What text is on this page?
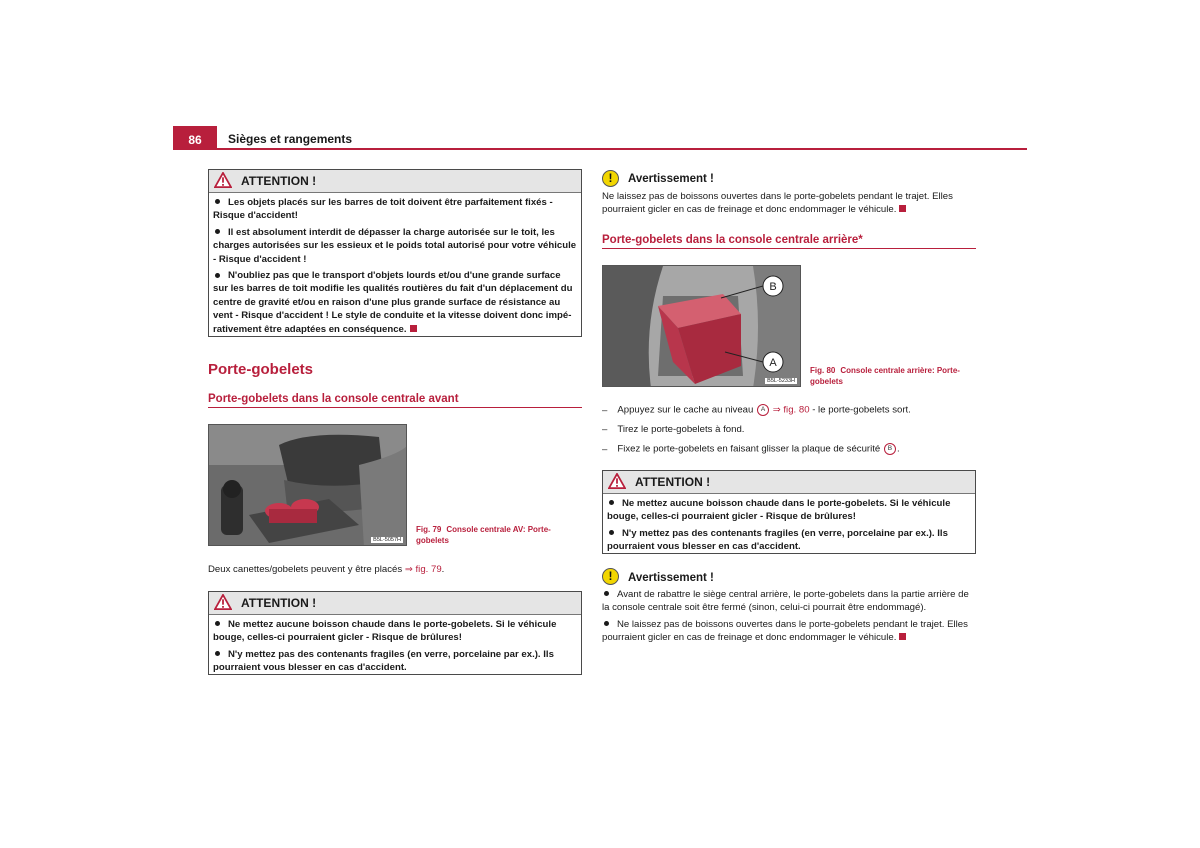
86	Sièges et rangements
ATTENTION !

Les objets placés sur les barres de toit doivent être parfaitement fixés - Risque d'accident!

Il est absolument interdit de dépasser la charge autorisée sur le toit, les charges autorisées sur les essieux et le poids total autorisé pour votre véhicule - Risque d'accident !

N'oubliez pas que le transport d'objets lourds et/ou d'une grande surface sur les barres de toit modifie les qualités routières du fait d'un déplacement du centre de gravité et/ou en raison d'une plus grande surface de résistance au vent - Risque d'accident ! Le style de conduite et la vitesse doivent donc impé-rativement être adaptées en conséquence.

Porte-gobelets
Porte-gobelets dans la console centrale avant
B5L-5057H
Fig. 79 Console centrale AV: Porte-gobelets
Deux canettes/gobelets peuvent y être placés ⇒ fig. 79.
ATTENTION !

Ne mettez aucune boisson chaude dans le porte-gobelets. Si le véhicule bouge, celles-ci pourraient gicler - Risque de brûlures!

N'y mettez pas des contenants fragiles (en verre, porcelaine par ex.). Ils pourraient vous blesser en cas d'accident.

!	Avertissement !
Ne laissez pas de boissons ouvertes dans le porte-gobelets pendant le trajet. Elles pourraient gicler en cas de freinage et donc endommager le véhicule.
Porte-gobelets dans la console centrale arrière*
B
A
B5L-5233H
Fig. 80 Console centrale arrière: Porte-gobelets
– Appuyez sur le cache au niveau A ⇒ fig. 80 - le porte-gobelets sort.
– Tirez le porte-gobelets à fond.
– Fixez le porte-gobelets en faisant glisser la plaque de sécurité B .
ATTENTION !

Ne mettez aucune boisson chaude dans le porte-gobelets. Si le véhicule bouge, celles-ci pourraient gicler - Risque de brûlures!

N'y mettez pas des contenants fragiles (en verre, porcelaine par ex.). Ils pourraient vous blesser en cas d'accident.

!	Avertissement !

Avant de rabattre le siège central arrière, le porte-gobelets dans la partie arrière de la console centrale soit être fermé (sinon, celui-ci pourrait être endommagé).

Ne laissez pas de boissons ouvertes dans le porte-gobelets pendant le trajet. Elles pourraient gicler en cas de freinage et donc endommager le véhicule.
